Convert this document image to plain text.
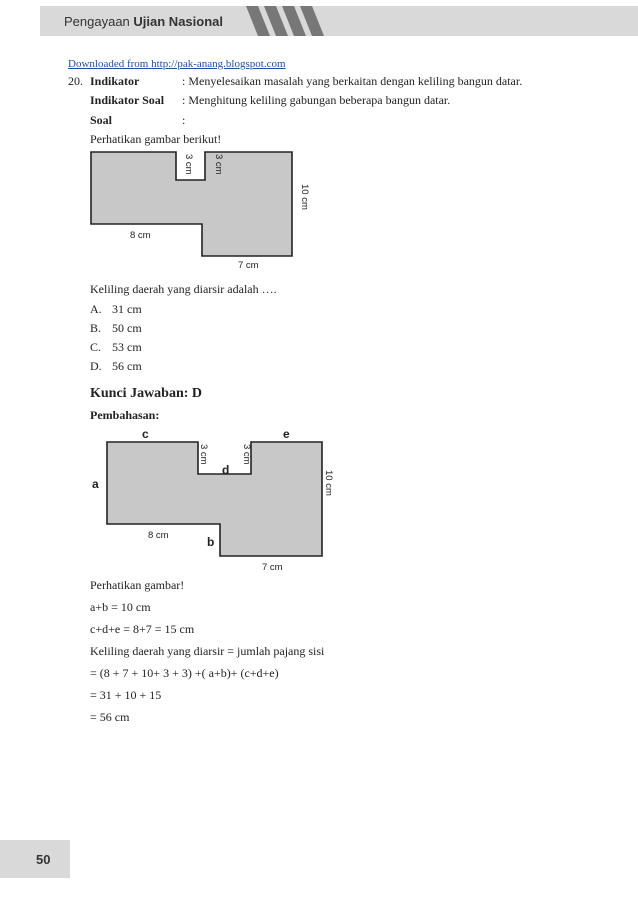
Pengayaan Ujian Nasional
Downloaded from http://pak-anang.blogspot.com
20. Indikator	: Menyelesaikan masalah yang berkaitan dengan keliling bangun datar.
Indikator Soal : Menghitung keliling gabungan beberapa bangun datar.
Soal	:
Perhatikan gambar berikut!
3 cm 3 cm
10 cm
8 cm
7 cm
Keliling daerah yang diarsir adalah ….
A. 31 cm
B. 50 cm
C. 53 cm
D. 56 cm
Kunci Jawaban: D
Pembahasan:
a
b
c
d
e
3 cm	3 cm
10 cm
8 cm
7 cm
Perhatikan gambar!
a+b = 10 cm
c+d+e = 8+7 = 15 cm
Keliling daerah yang diarsir = jumlah pajang sisi
= (8 + 7 + 10+ 3 + 3) +( a+b)+ (c+d+e)
= 31 + 10 + 15
= 56 cm
50
